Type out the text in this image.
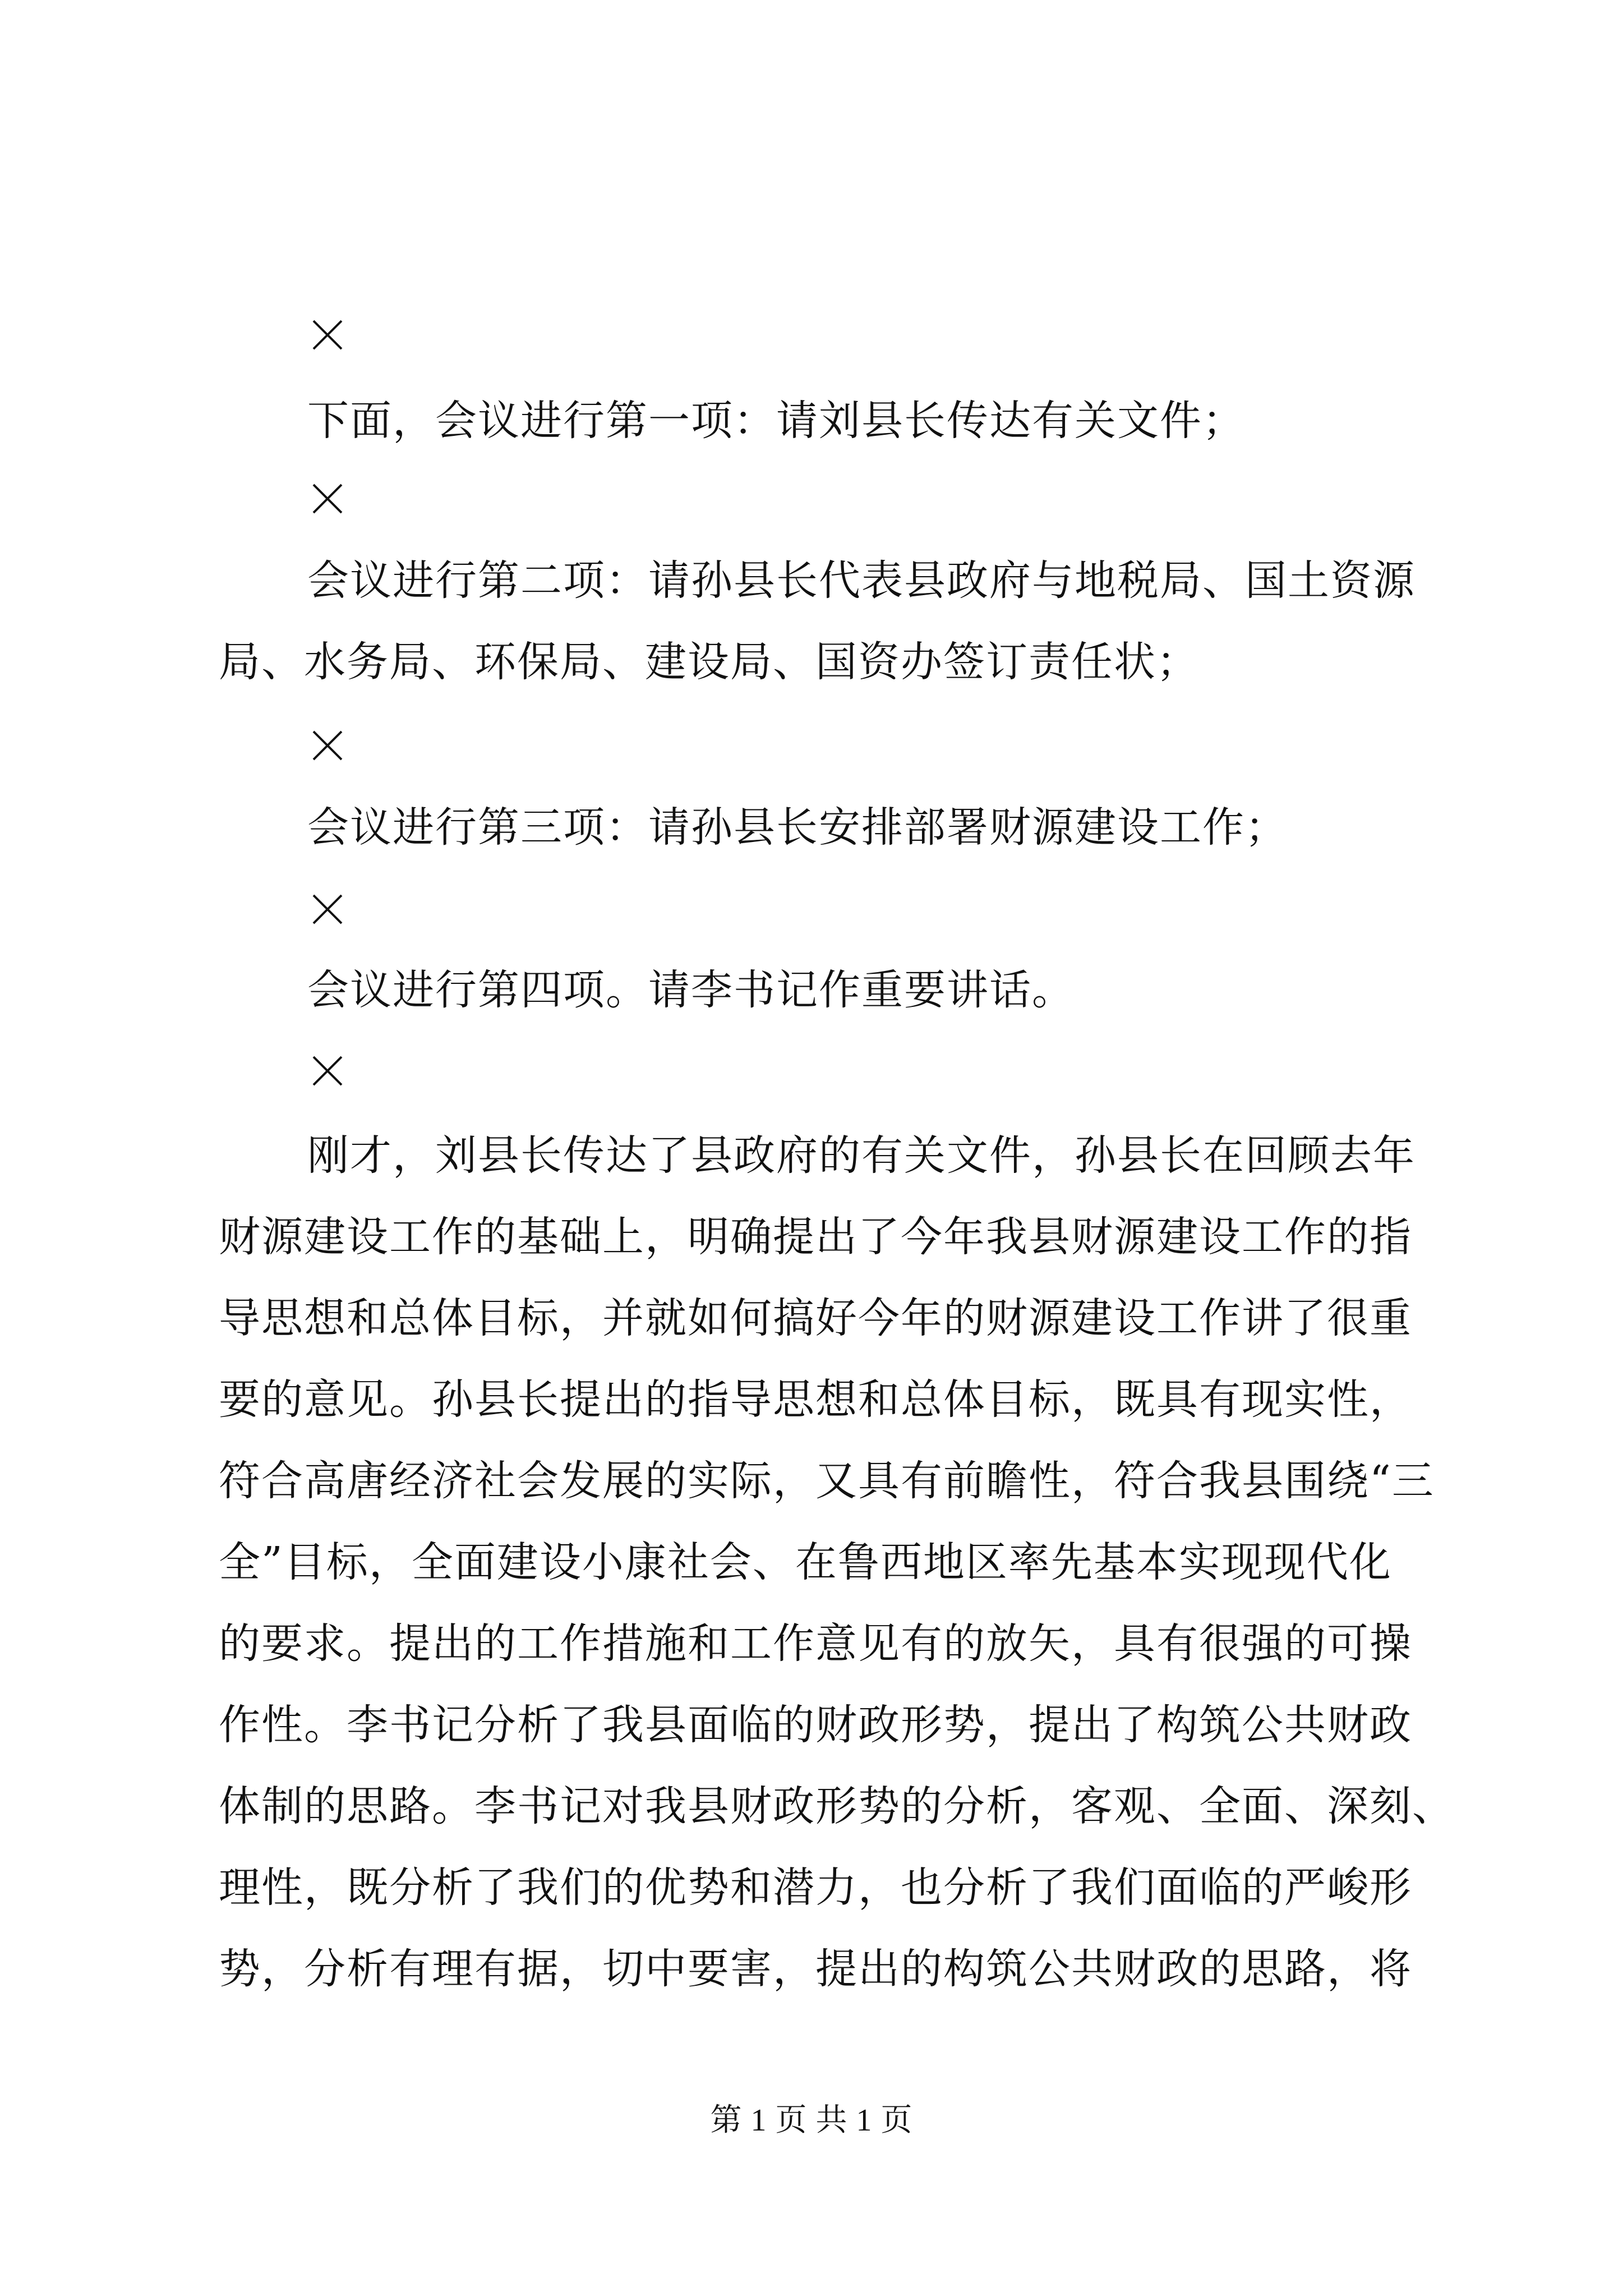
下面，会议进行第一项：请刘县长传达有关文件；
会议进行第二项：请孙县长代表县政府与地税局、国土资源
局、水务局、环保局、建设局、国资办签订责任状；
会议进行第三项：请孙县长安排部署财源建设工作；
会议进行第四项。请李书记作重要讲话。
刚才，刘县长传达了县政府的有关文件，孙县长在回顾去年
财源建设工作的基础上，明确提出了今年我县财源建设工作的指
导思想和总体目标，并就如何搞好今年的财源建设工作讲了很重
要的意见。孙县长提出的指导思想和总体目标，既具有现实性，
符合高唐经济社会发展的实际，又具有前瞻性，符合我县围绕“三
全”目标，全面建设小康社会、在鲁西地区率先基本实现现代化
的要求。提出的工作措施和工作意见有的放矢，具有很强的可操
作性。李书记分析了我县面临的财政形势，提出了构筑公共财政
体制的思路。李书记对我县财政形势的分析，客观、全面、深刻、
理性，既分析了我们的优势和潜力，也分析了我们面临的严峻形
势，分析有理有据，切中要害，提出的构筑公共财政的思路，将
第 1 页 共 1 页
